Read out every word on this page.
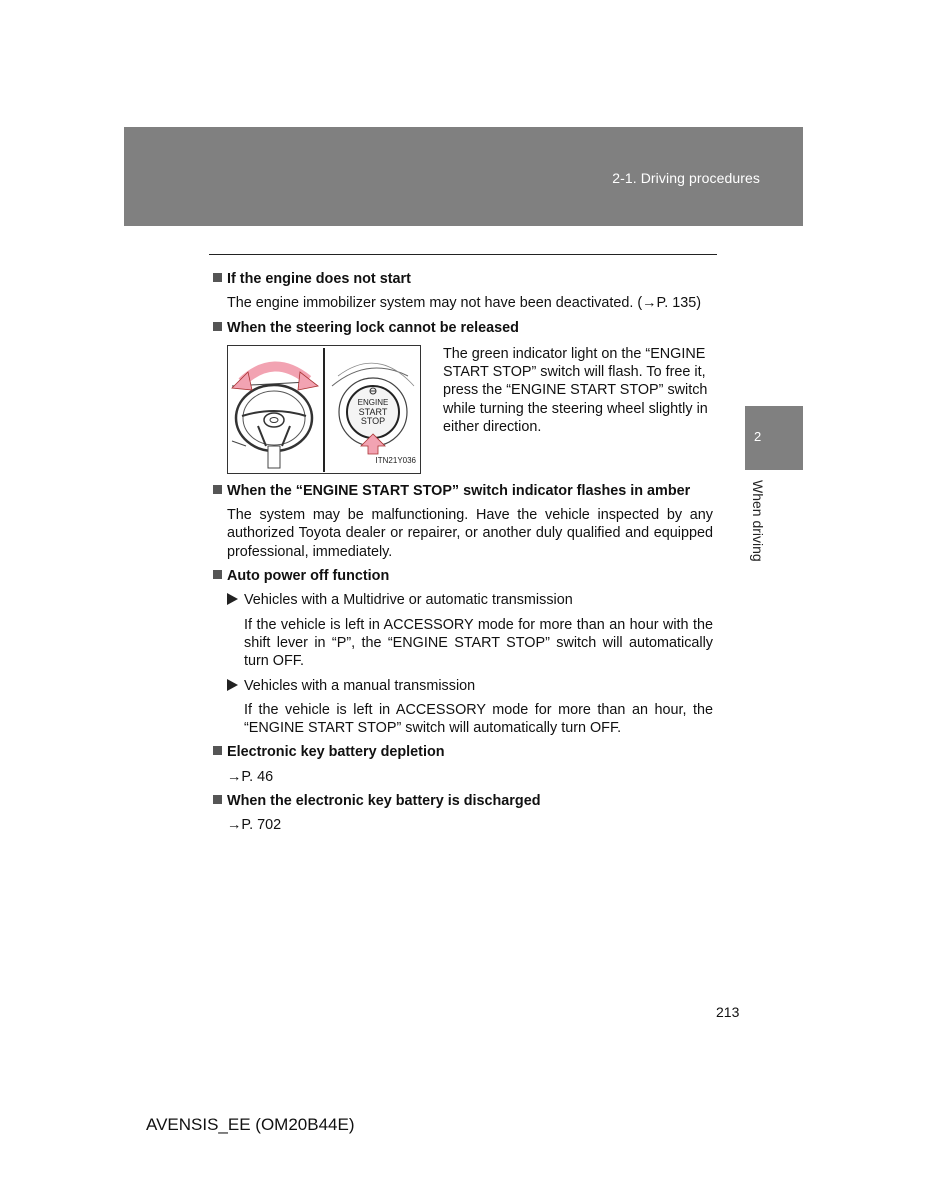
2-1. Driving procedures
If the engine does not start
The engine immobilizer system may not have been deactivated. (→P. 135)
When the steering lock cannot be released
ENGINE
START
STOP
ITN21Y036
The green indicator light on the “ENGINE START STOP” switch will flash. To free it, press the “ENGINE START STOP” switch while turning the steering wheel slightly in either direction.
When the “ENGINE START STOP” switch indicator flashes in amber
The system may be malfunctioning. Have the vehicle inspected by any authorized Toyota dealer or repairer, or another duly qualified and equipped professional, immediately.
Auto power off function
Vehicles with a Multidrive or automatic transmission
If the vehicle is left in ACCESSORY mode for more than an hour with the shift lever in “P”, the “ENGINE START STOP” switch will automatically turn OFF.
Vehicles with a manual transmission
If the vehicle is left in ACCESSORY mode for more than an hour, the “ENGINE START STOP” switch will automatically turn OFF.
Electronic key battery depletion
→P. 46
When the electronic key battery is discharged
→P. 702
2
When driving
213
AVENSIS_EE (OM20B44E)
